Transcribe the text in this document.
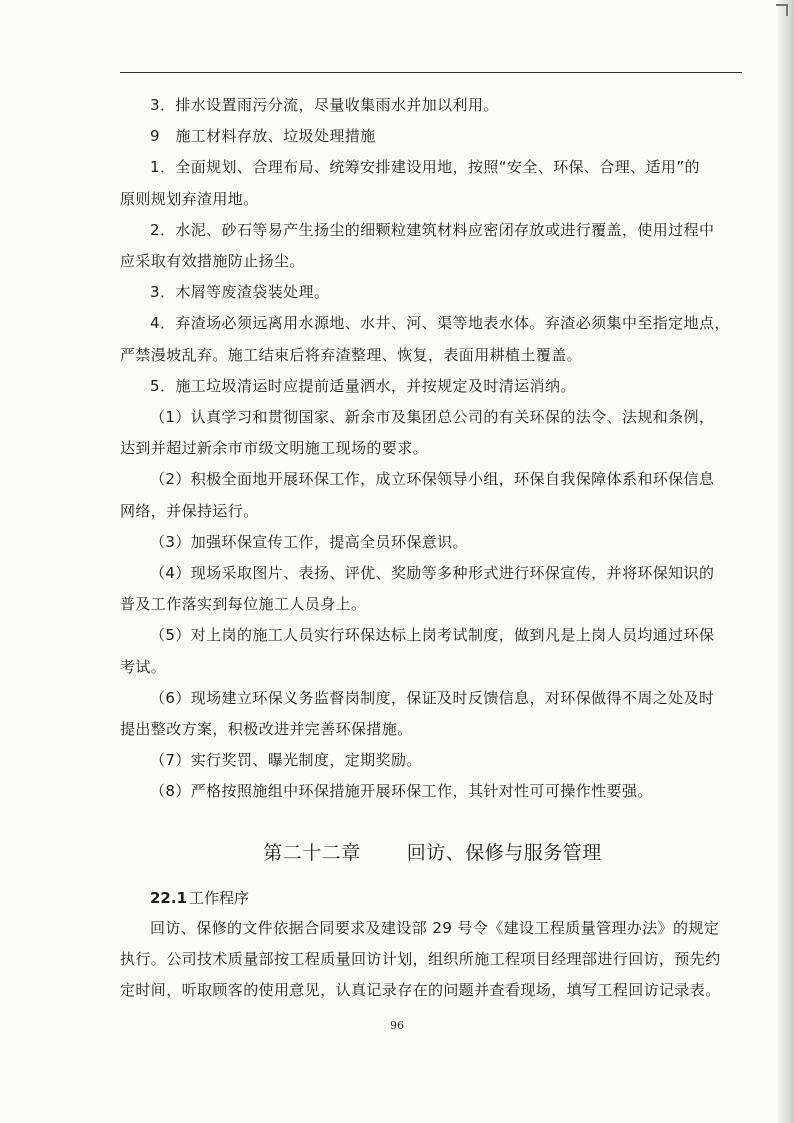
3．排水设置雨污分流，尽量收集雨水并加以利用。

9　施工材料存放、垃圾处理措施

1．全面规划、合理布局、统筹安排建设用地，按照“安全、环保、合理、适用”的
原则规划弃渣用地。

2．水泥、砂石等易产生扬尘的细颗粒建筑材料应密闭存放或进行覆盖，使用过程中
应采取有效措施防止扬尘。

3．木屑等废渣袋装处理。

4．弃渣场必须远离用水源地、水井、河、渠等地表水体。弃渣必须集中至指定地点，
严禁漫坡乱弃。施工结束后将弃渣整理、恢复，表面用耕植土覆盖。

5．施工垃圾清运时应提前适量洒水，并按规定及时清运消纳。

（1）认真学习和贯彻国家、新余市及集团总公司的有关环保的法令、法规和条例，
达到并超过新余市市级文明施工现场的要求。

（2）积极全面地开展环保工作，成立环保领导小组，环保自我保障体系和环保信息
网络，并保持运行。

（3）加强环保宣传工作，提高全员环保意识。

（4）现场采取图片、表扬、评优、奖励等多种形式进行环保宣传，并将环保知识的
普及工作落实到每位施工人员身上。

（5）对上岗的施工人员实行环保达标上岗考试制度，做到凡是上岗人员均通过环保
考试。

（6）现场建立环保义务监督岗制度，保证及时反馈信息，对环保做得不周之处及时
提出整改方案，积极改进并完善环保措施。

（7）实行奖罚、曝光制度，定期奖励。

（8）严格按照施组中环保措施开展环保工作，其针对性可可操作性要强。

第二十二章 回访、保修与服务管理
22.1 工作程序

回访、保修的文件依据合同要求及建设部 29 号令《建设工程质量管理办法》的规定
执行。公司技术质量部按工程质量回访计划，组织所施工程项目经理部进行回访，预先约
定时间，听取顾客的使用意见，认真记录存在的问题并查看现场，填写工程回访记录表。

96
